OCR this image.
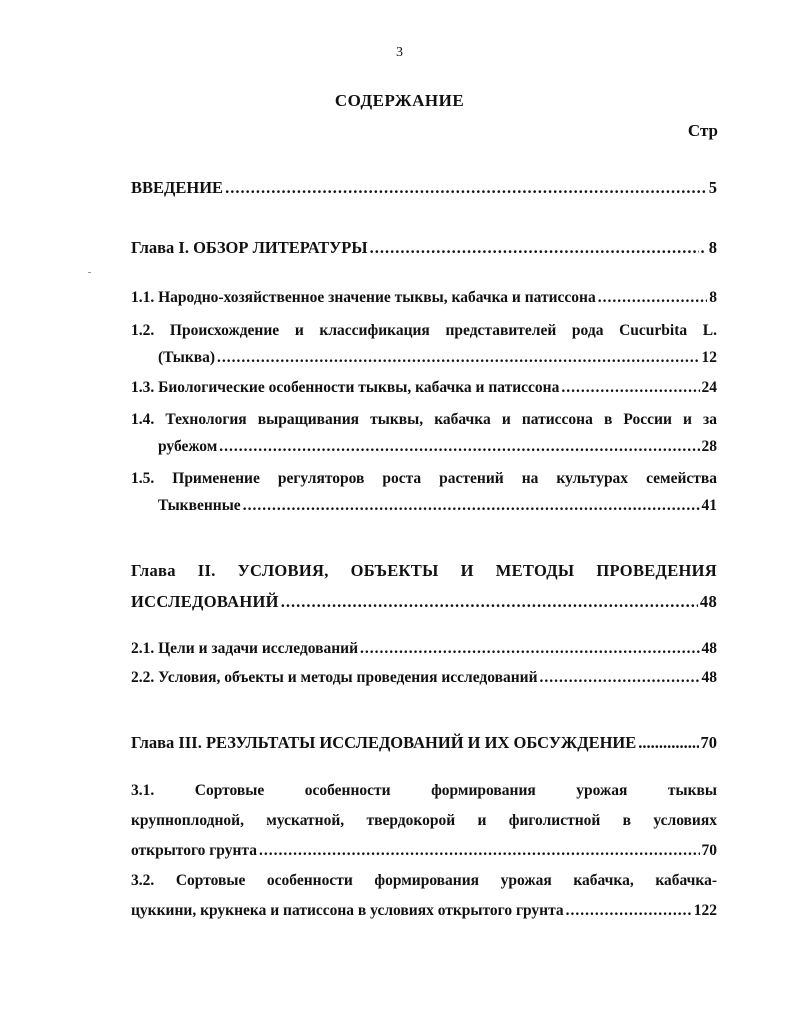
3
СОДЕРЖАНИЕ
Стр
ВВЕДЕНИЕ .....	5
Глава I. ОБЗОР ЛИТЕРАТУРЫ .....	. 8
1.1. Народно-хозяйственное значение тыквы, кабачка и патиссона .....	8
1.2. Происхождение и классификация представителей рода Cucurbita L.
(Тыква) .....	12
1.3. Биологические особенности тыквы, кабачка и патиссона .....	24
1.4. Технология выращивания тыквы, кабачка и патиссона в России и за
рубежом .....	28
1.5. Применение регуляторов роста растений на культурах семейства
Тыквенные .....	41
Глава II. УСЛОВИЯ, ОБЪЕКТЫ И МЕТОДЫ ПРОВЕДЕНИЯ
ИССЛЕДОВАНИЙ .....	48
2.1. Цели и задачи исследований .....	48
2.2. Условия, объекты и методы проведения исследований .....	48
Глава III. РЕЗУЛЬТАТЫ ИССЛЕДОВАНИЙ И ИХ ОБСУЖДЕНИЕ .....	70
3.1. Сортовые особенности формирования урожая тыквы
крупноплодной, мускатной, твердокорой и фиголистной в условиях
открытого грунта .....	70
3.2. Сортовые особенности формирования урожая кабачка, кабачка-
цуккини, крукнека и патиссона в условиях открытого грунта .....	122
